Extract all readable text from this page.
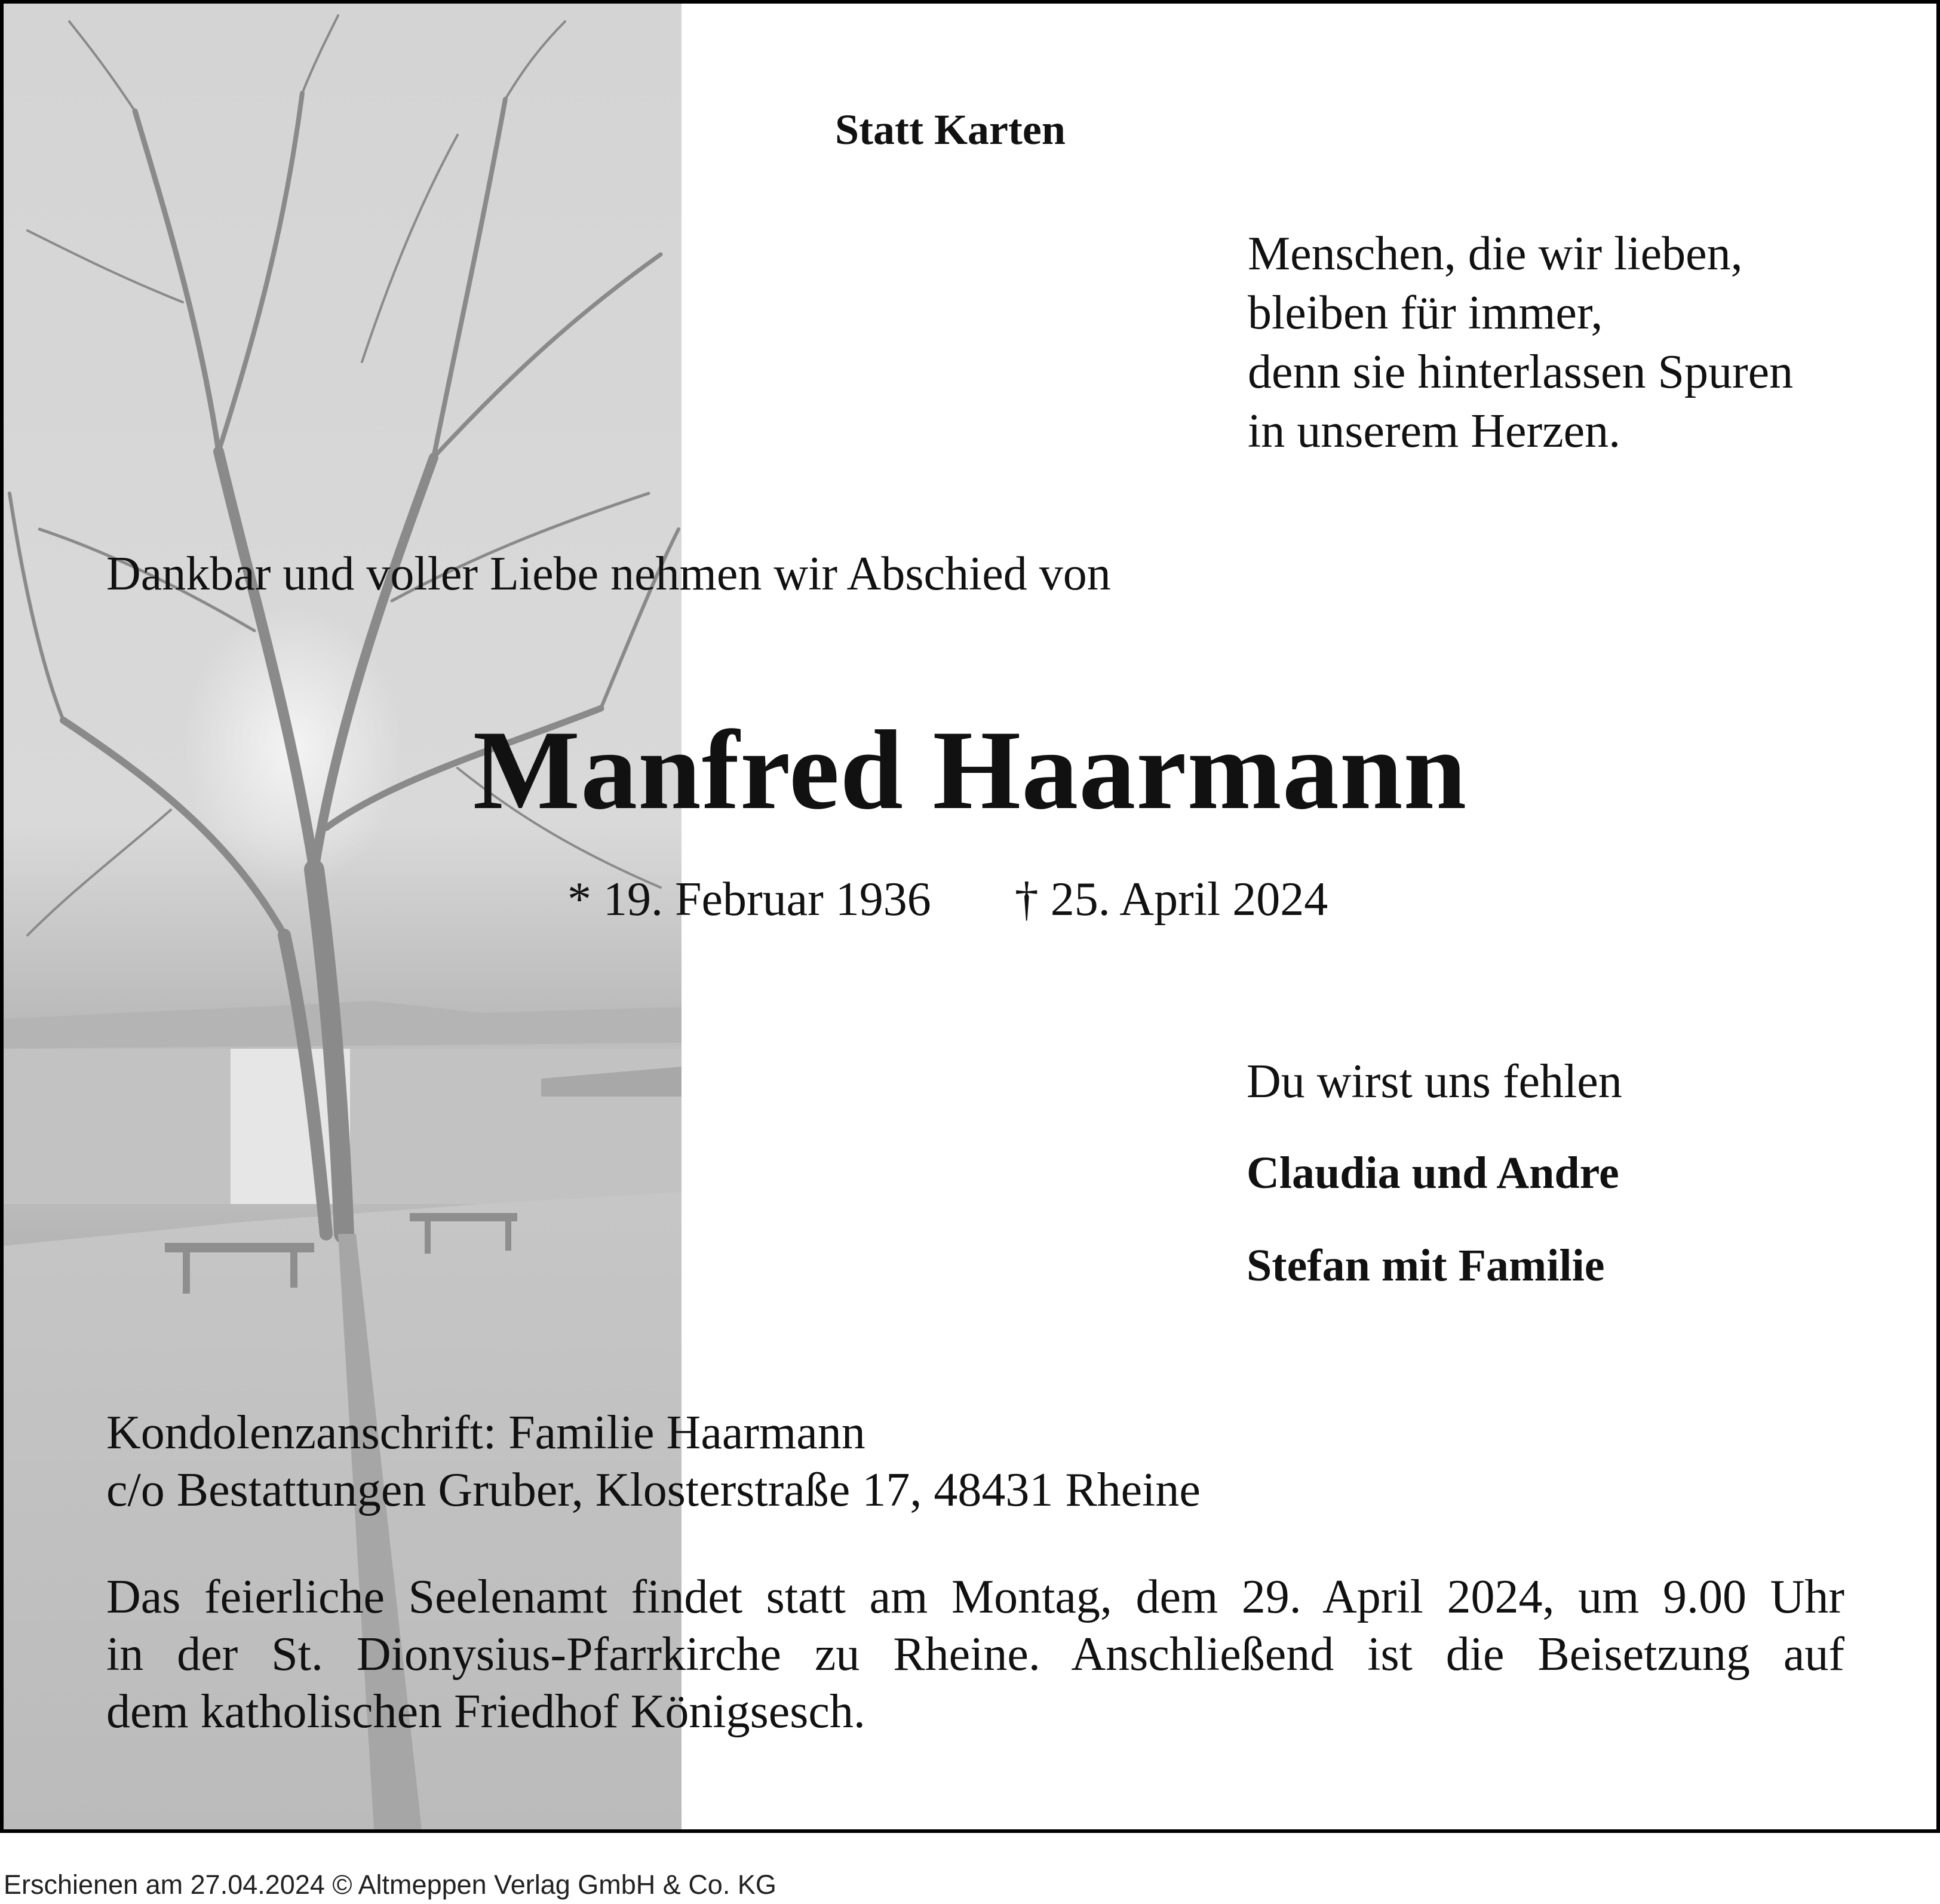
Statt Karten
Menschen, die wir lieben,
bleiben für immer,
denn sie hinterlassen Spuren
in unserem Herzen.
Dankbar und voller Liebe nehmen wir Abschied von
Manfred Haarmann
* 19. Februar 1936 † 25. April 2024
Du wirst uns fehlen
Claudia und Andre
Stefan mit Familie
Kondolenzanschrift: Familie Haarmann
c/o Bestattungen Gruber, Klosterstraße 17, 48431 Rheine
Das feierliche Seelenamt findet statt am Montag, dem 29. April 2024, um 9.00 Uhr
in der St. Dionysius-Pfarrkirche zu Rheine. Anschließend ist die Beisetzung auf
dem katholischen Friedhof Königsesch.
Erschienen am 27.04.2024 © Altmeppen Verlag GmbH & Co. KG
